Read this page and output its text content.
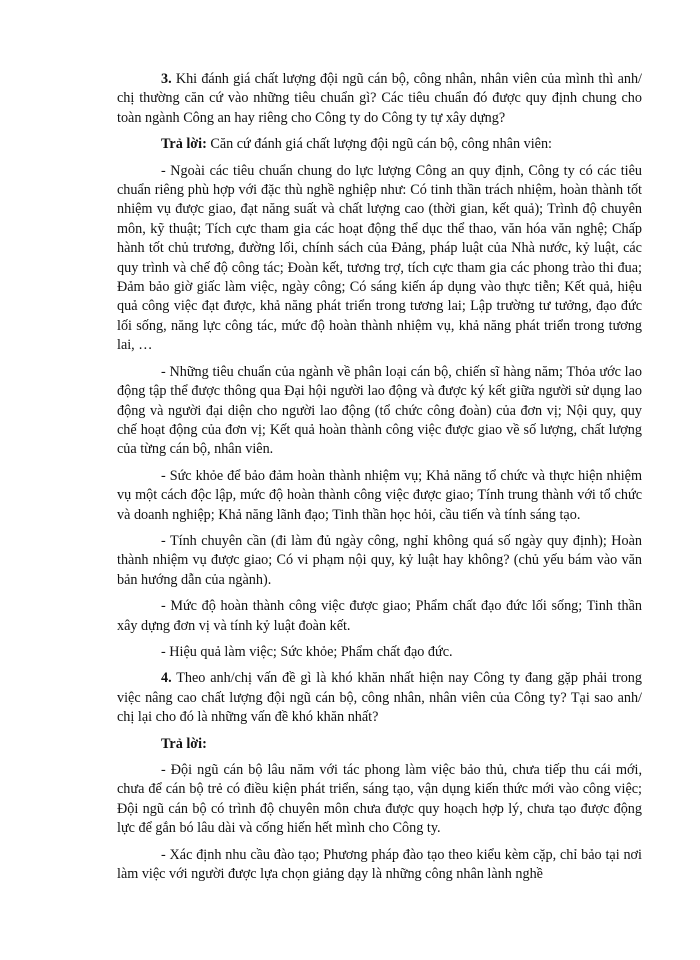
3. Khi đánh giá chất lượng đội ngũ cán bộ, công nhân, nhân viên của mình thì anh/ chị thường căn cứ vào những tiêu chuẩn gì? Các tiêu chuẩn đó được quy định chung cho toàn ngành Công an hay riêng cho Công ty do Công ty tự xây dựng?

Trả lời: Căn cứ đánh giá chất lượng đội ngũ cán bộ, công nhân viên:

- Ngoài các tiêu chuẩn chung do lực lượng Công an quy định, Công ty có các tiêu chuẩn riêng phù hợp với đặc thù nghề nghiệp như: Có tinh thần trách nhiệm, hoàn thành tốt nhiệm vụ được giao, đạt năng suất và chất lượng cao (thời gian, kết quả); Trình độ chuyên môn, kỹ thuật; Tích cực tham gia các hoạt động thể dục thể thao, văn hóa văn nghệ; Chấp hành tốt chủ trương, đường lối, chính sách của Đảng, pháp luật của Nhà nước, kỷ luật, các quy trình và chế độ công tác; Đoàn kết, tương trợ, tích cực tham gia các phong trào thi đua; Đảm bảo giờ giấc làm việc, ngày công; Có sáng kiến áp dụng vào thực tiễn; Kết quả, hiệu quả công việc đạt được, khả năng phát triển trong tương lai; Lập trường tư tưởng, đạo đức lối sống, năng lực công tác, mức độ hoàn thành nhiệm vụ, khả năng phát triển trong tương lai, …

- Những tiêu chuẩn của ngành về phân loại cán bộ, chiến sĩ hàng năm; Thỏa ước lao động tập thể được thông qua Đại hội người lao động và được ký kết giữa người sử dụng lao động và người đại diện cho người lao động (tổ chức công đoàn) của đơn vị; Nội quy, quy chế hoạt động của đơn vị; Kết quả hoàn thành công việc được giao về số lượng, chất lượng của từng cán bộ, nhân viên.

- Sức khỏe để bảo đảm hoàn thành nhiệm vụ; Khả năng tổ chức và thực hiện nhiệm vụ một cách độc lập, mức độ hoàn thành công việc được giao; Tính trung thành với tổ chức và doanh nghiệp; Khả năng lãnh đạo; Tinh thần học hỏi, cầu tiến và tính sáng tạo.

- Tính chuyên cần (đi làm đủ ngày công, nghỉ không quá số ngày quy định); Hoàn thành nhiệm vụ được giao; Có vi phạm nội quy, kỷ luật hay không? (chủ yếu bám vào văn bản hướng dẫn của ngành).

- Mức độ hoàn thành công việc được giao; Phẩm chất đạo đức lối sống; Tinh thần xây dựng đơn vị và tính kỷ luật đoàn kết.

- Hiệu quả làm việc; Sức khỏe; Phẩm chất đạo đức.

4. Theo anh/chị vấn đề gì là khó khăn nhất hiện nay Công ty đang gặp phải trong việc nâng cao chất lượng đội ngũ cán bộ, công nhân, nhân viên của Công ty? Tại sao anh/ chị lại cho đó là những vấn đề khó khăn nhất?

Trả lời:

- Đội ngũ cán bộ lâu năm với tác phong làm việc bảo thủ, chưa tiếp thu cái mới, chưa để cán bộ trẻ có điều kiện phát triển, sáng tạo, vận dụng kiến thức mới vào công việc; Đội ngũ cán bộ có trình độ chuyên môn chưa được quy hoạch hợp lý, chưa tạo được động lực để gắn bó lâu dài và cống hiến hết mình cho Công ty.

- Xác định nhu cầu đào tạo; Phương pháp đào tạo theo kiểu kèm cặp, chỉ bảo tại nơi làm việc với người được lựa chọn giảng dạy là những công nhân lành nghề
